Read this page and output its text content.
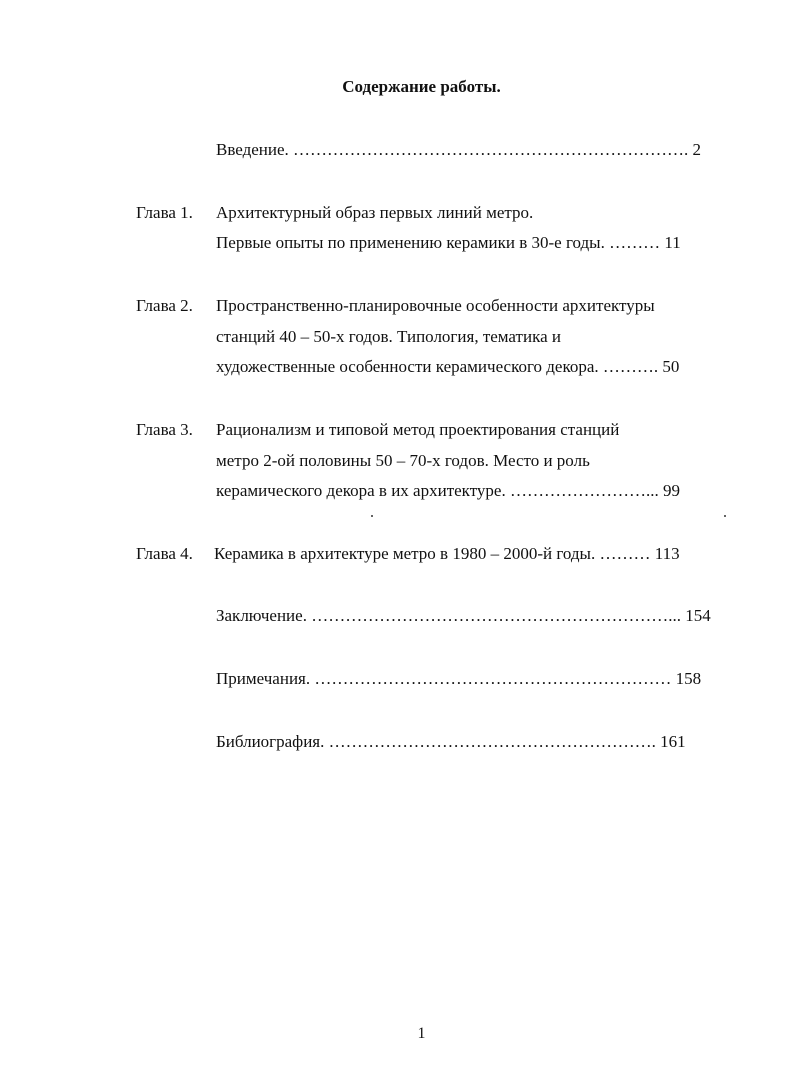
Содержание работы.
Введение. ……………………………………………………………. 2
Глава 1. Архитектурный образ первых линий метро.
Первые опыты по применению керамики в 30-е годы. ……… 11
Глава 2. Пространственно-планировочные особенности архитектуры
станций 40 – 50-х годов. Типология, тематика и
художественные особенности керамического декора. ………. 50
Глава 3. Рационализм и типовой метод проектирования станций
метро 2-ой половины 50 – 70-х годов. Место и роль
керамического декора в их архитектуре. ……………………... 99
Глава 4. Керамика в архитектуре метро в 1980 – 2000-й годы. ……… 113
Заключение. ………………………………………………………... 154
Примечания. ……………………………………………………… 158
Библиография. …………………………………………………. 161
1
